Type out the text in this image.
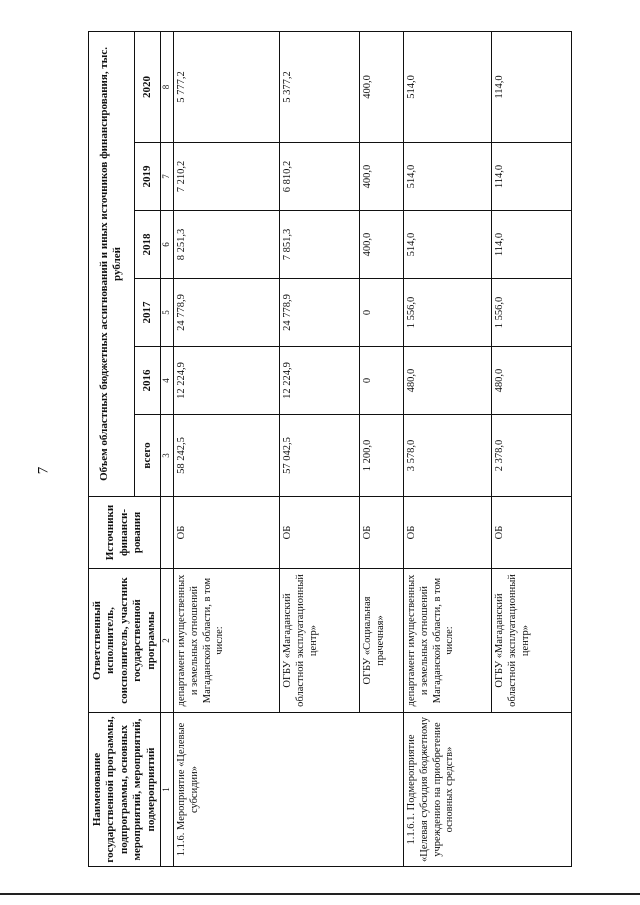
7
Наименование государственной программы, подпрограммы, основных мероприятий, мероприятий, подмероприятий	Ответственный исполнитель, соисполнитель, участник государственной программы	Источники финанси-рования	Объем областных бюджетных ассигнований и иных источников финансирования, тыс. рублей					
			всего	2016	2017	2018	2019	2020
1	2		3	4	5	6	7	8
1.1.6. Мероприятие «Целевые субсидии»	департамент имущественных и земельных отношений Магаданской области, в том числе:	ОБ	58 242,5	12 224,9	24 778,9	8 251,3	7 210,2	5 777,2
	ОГБУ «Магаданский областной эксплуатационный центр»	ОБ	57 042,5	12 224,9	24 778,9	7 851,3	6 810,2	5 377,2
	ОГБУ «Социальная прачечная»	ОБ	1 200,0	0	0	400,0	400,0	400,0
1.1.6.1. Подмероприятие «Целевая субсидия бюджетному учреждению на приобретение основных средств»	департамент имущественных и земельных отношений Магаданской области, в том числе:	ОБ	3 578,0	480,0	1 556,0	514,0	514,0	514,0
	ОГБУ «Магаданский областной эксплуатационный центр»	ОБ	2 378,0	480,0	1 556,0	114,0	114,0	114,0
